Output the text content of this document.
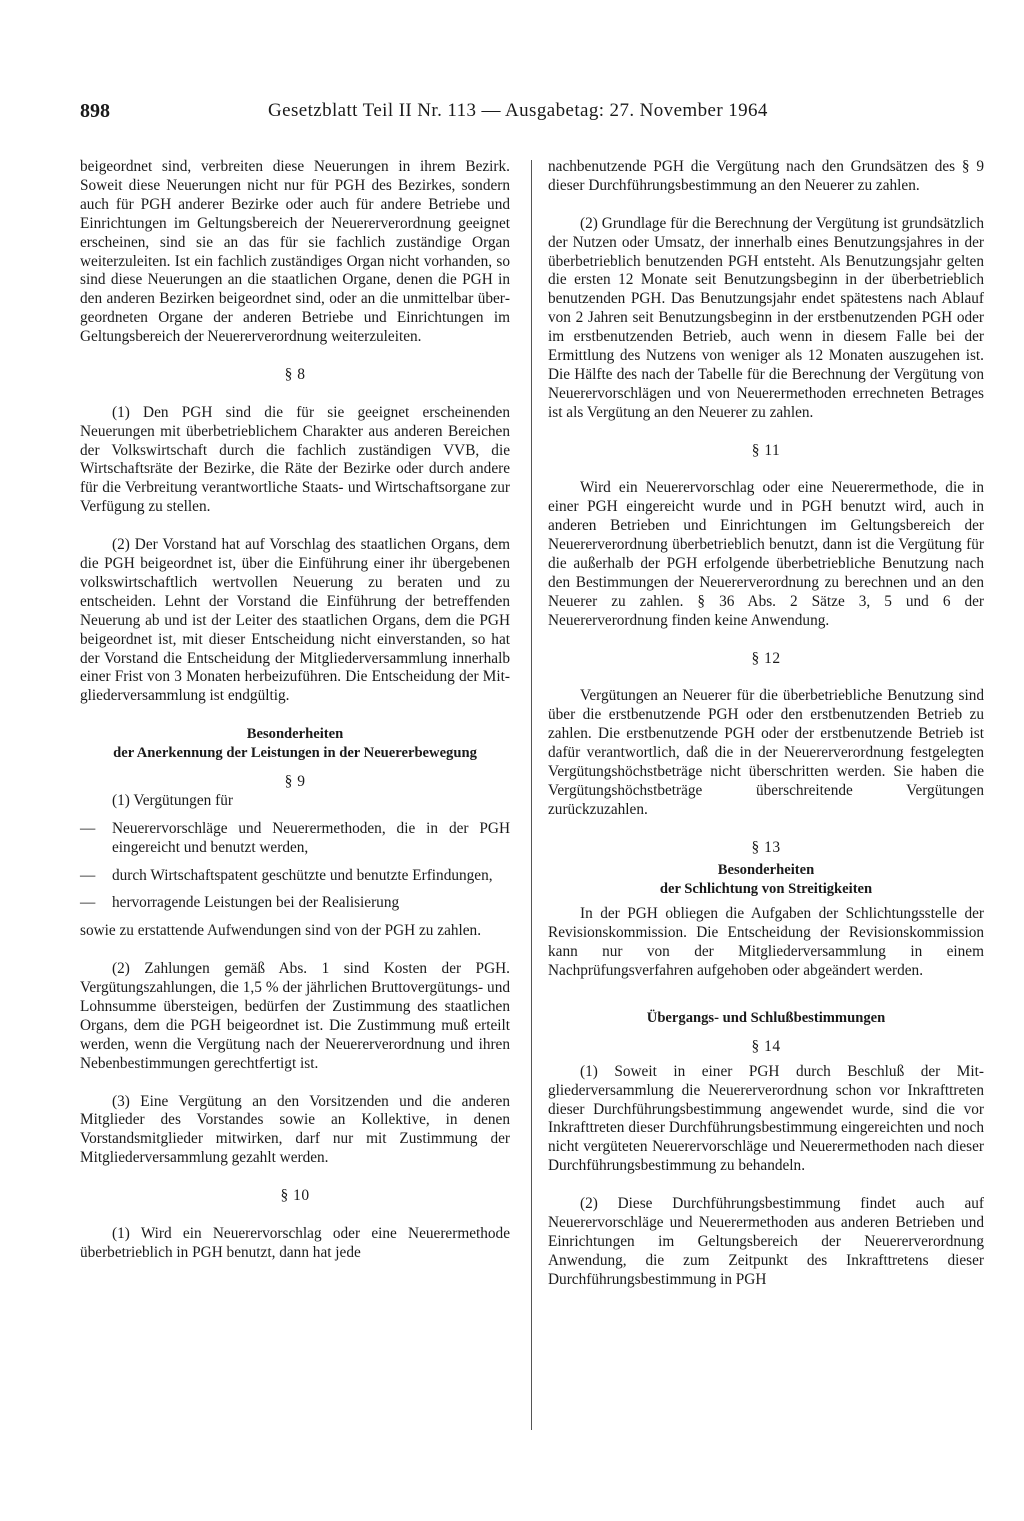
898	Gesetzblatt Teil II Nr. 113 — Ausgabetag: 27. November 1964

beigeordnet sind, verbreiten diese Neuerungen in ihrem Bezirk. Soweit diese Neuerungen nicht nur für PGH des Bezirkes, sondern auch für PGH anderer Bezirke oder auch für andere Betriebe und Einrichtungen im Geltungsbereich der Neuererverordnung geeignet erscheinen, sind sie an das für sie fachlich zuständige Organ weiterzuleiten. Ist ein fachlich zuständiges Organ nicht vorhanden, so sind diese Neuerungen an die staatlichen Organe, denen die PGH in den anderen Bezirken beigeordnet sind, oder an die unmittelbar übergeordneten Organe der anderen Betriebe und Einrichtungen im Geltungsbereich der Neuererverordnung weiterzuleiten.

§ 8

(1) Den PGH sind die für sie geeignet erscheinenden Neuerungen mit überbetrieblichem Charakter aus anderen Bereichen der Volkswirtschaft durch die fachlich zuständigen VVB, die Wirtschaftsräte der Bezirke, die Räte der Bezirke oder durch andere für die Verbreitung verantwortliche Staats- und Wirtschaftsorgane zur Verfügung zu stellen.

(2) Der Vorstand hat auf Vorschlag des staatlichen Organs, dem die PGH beigeordnet ist, über die Einführung einer ihr übergebenen volkswirtschaftlich wertvollen Neuerung zu beraten und zu entscheiden. Lehnt der Vorstand die Einführung der betreffenden Neuerung ab und ist der Leiter des staatlichen Organs, dem die PGH beigeordnet ist, mit dieser Entscheidung nicht einverstanden, so hat der Vorstand die Entscheidung der Mitgliederversammlung innerhalb einer Frist von 3 Monaten herbeizuführen. Die Entscheidung der Mitgliederversammlung ist endgültig.

Besonderheiten
der Anerkennung der Leistungen in der Neuererbewegung
§ 9

(1) Vergütungen für

—	Neuerervorschläge und Neuerermethoden, die in der PGH eingereicht und benutzt werden,
—	durch Wirtschaftspatent geschützte und benutzte Erfindungen,
—	hervorragende Leistungen bei der Realisierung

sowie zu erstattende Aufwendungen sind von der PGH zu zahlen.

(2) Zahlungen gemäß Abs. 1 sind Kosten der PGH. Vergütungszahlungen, die 1,5 % der jährlichen Bruttovergütungs- und Lohnsumme übersteigen, bedürfen der Zustimmung des staatlichen Organs, dem die PGH beigeordnet ist. Die Zustimmung muß erteilt werden, wenn die Vergütung nach der Neuererverordnung und ihren Nebenbestimmungen gerechtfertigt ist.

(3) Eine Vergütung an den Vorsitzenden und die anderen Mitglieder des Vorstandes sowie an Kollektive, in denen Vorstandsmitglieder mitwirken, darf nur mit Zustimmung der Mitgliederversammlung gezahlt werden.

§ 10

(1) Wird ein Neuerervorschlag oder eine Neuerermethode überbetrieblich in PGH benutzt, dann hat jede

nachbenutzende PGH die Vergütung nach den Grundsätzen des § 9 dieser Durchführungsbestimmung an den Neuerer zu zahlen.

(2) Grundlage für die Berechnung der Vergütung ist grundsätzlich der Nutzen oder Umsatz, der innerhalb eines Benutzungsjahres in der überbetrieblich benutzenden PGH entsteht. Als Benutzungsjahr gelten die ersten 12 Monate seit Benutzungsbeginn in der überbetrieblich benutzenden PGH. Das Benutzungsjahr endet spätestens nach Ablauf von 2 Jahren seit Benutzungsbeginn in der erstbenutzenden PGH oder im erstbenutzenden Betrieb, auch wenn in diesem Falle bei der Ermittlung des Nutzens von weniger als 12 Monaten auszugehen ist. Die Hälfte des nach der Tabelle für die Berechnung der Vergütung von Neuerervorschlägen und von Neuerermethoden errechneten Betrages ist als Vergütung an den Neuerer zu zahlen.

§ 11

Wird ein Neuerervorschlag oder eine Neuerermethode, die in einer PGH eingereicht wurde und in PGH benutzt wird, auch in anderen Betrieben und Einrichtungen im Geltungsbereich der Neuererverordnung überbetrieblich benutzt, dann ist die Vergütung für die außerhalb der PGH erfolgende überbetriebliche Benutzung nach den Bestimmungen der Neuererverordnung zu berechnen und an den Neuerer zu zahlen. § 36 Abs. 2 Sätze 3, 5 und 6 der Neuererverordnung finden keine Anwendung.

§ 12

Vergütungen an Neuerer für die überbetriebliche Benutzung sind über die erstbenutzende PGH oder den erstbenutzenden Betrieb zu zahlen. Die erstbenutzende PGH oder der erstbenutzende Betrieb ist dafür verantwortlich, daß die in der Neuererverordnung festgelegten Vergütungshöchstbeträge nicht überschritten werden. Sie haben die Vergütungshöchstbeträge überschreitende Vergütungen zurückzuzahlen.

§ 13
Besonderheiten
der Schlichtung von Streitigkeiten

In der PGH obliegen die Aufgaben der Schlichtungsstelle der Revisionskommission. Die Entscheidung der Revisionskommission kann nur von der Mitgliederversammlung in einem Nachprüfungsverfahren aufgehoben oder abgeändert werden.

Übergangs- und Schlußbestimmungen
§ 14

(1) Soweit in einer PGH durch Beschluß der Mitgliederversammlung die Neuererverordnung schon vor Inkrafttreten dieser Durchführungsbestimmung angewendet wurde, sind die vor Inkrafttreten dieser Durchführungsbestimmung eingereichten und noch nicht vergüteten Neuerervorschläge und Neuerermethoden nach dieser Durchführungsbestimmung zu behandeln.

(2) Diese Durchführungsbestimmung findet auch auf Neuerervorschläge und Neuerermethoden aus anderen Betrieben und Einrichtungen im Geltungsbereich der Neuererverordnung Anwendung, die zum Zeitpunkt des Inkrafttretens dieser Durchführungsbestimmung in PGH
